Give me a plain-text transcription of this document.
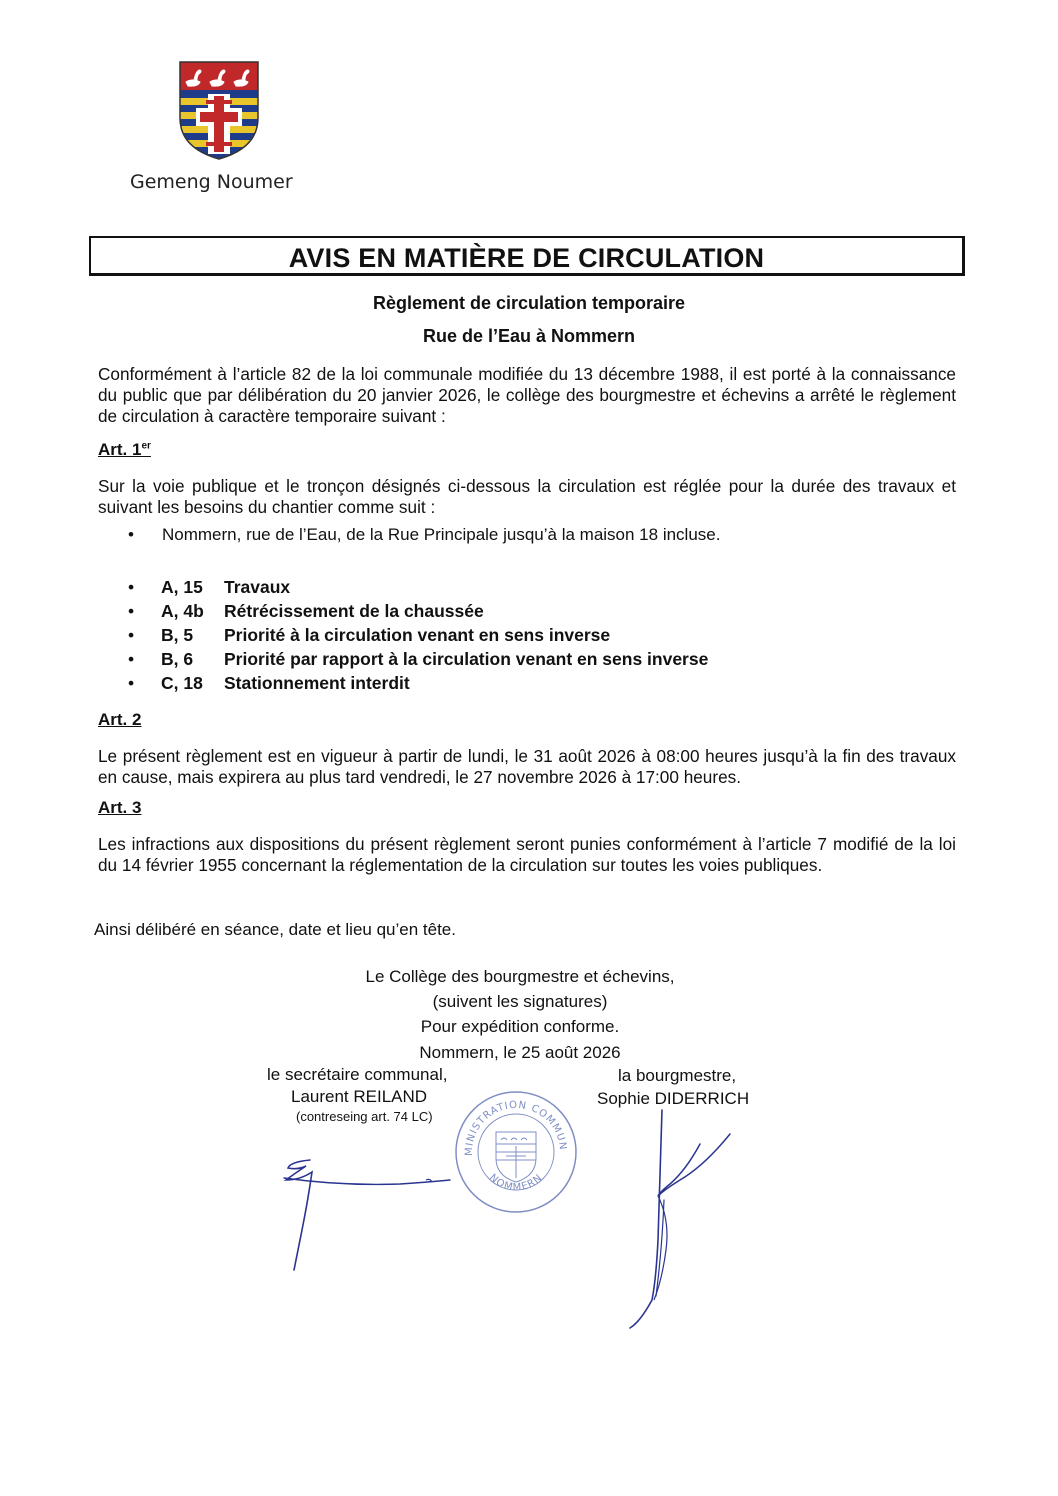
Gemeng Noumer
AVIS EN MATIÈRE DE CIRCULATION
Règlement de circulation temporaire
Rue de l’Eau à Nommern
Conformément à l’article 82 de la loi communale modifiée du 13 décembre 1988, il est porté à la connaissance du public que par délibération du 20 janvier 2026, le collège des bourgmestre et échevins a arrêté le règlement de circulation à caractère temporaire suivant :
Art. 1er
Sur la voie publique et le tronçon désignés ci-dessous la circulation est réglée pour la durée des travaux et suivant les besoins du chantier comme suit :
• Nommern, rue de l’Eau, de la Rue Principale jusqu’à la maison 18 incluse.
• A, 15 Travaux
• A, 4b Rétrécissement de la chaussée
• B, 5 Priorité à la circulation venant en sens inverse
• B, 6 Priorité par rapport à la circulation venant en sens inverse
• C, 18 Stationnement interdit
Art. 2
Le présent règlement est en vigueur à partir de lundi, le 31 août 2026 à 08:00 heures jusqu’à la fin des travaux en cause, mais expirera au plus tard vendredi, le 27 novembre 2026 à 17:00 heures.
Art. 3
Les infractions aux dispositions du présent règlement seront punies conformément à l’article 7 modifié de la loi du 14 février 1955 concernant la réglementation de la circulation sur toutes les voies publiques.
Ainsi délibéré en séance, date et lieu qu’en tête.
Le Collège des bourgmestre et échevins,
(suivent les signatures)
Pour expédition conforme.
Nommern, le 25 août 2026
le secrétaire communal,
Laurent REILAND
(contreseing art. 74 LC)
la bourgmestre,
Sophie DIDERRICH
ADMINISTRATION COMMUNALE
NOMMERN
